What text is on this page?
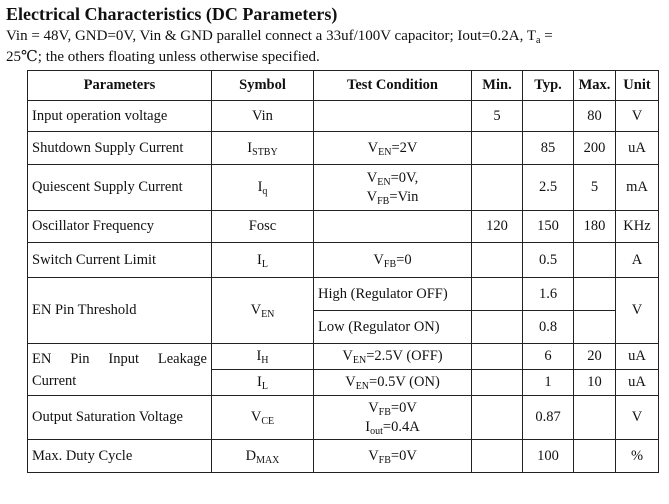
Electrical Characteristics (DC Parameters)
Vin = 48V, GND=0V, Vin & GND parallel connect a 33uf/100V capacitor; Iout=0.2A, $T_a$ =
25℃; the others floating unless otherwise specified.
Parameters	Symbol	Test Condition	Min.	Typ.	Max.	Unit
Input operation voltage	Vin		5		80	V
Shutdown Supply Current	$I_{STBY}$	$V_{EN}=2V$		85	200	uA
Quiescent Supply Current	$I_q$	$V_{EN}=0V$,
$V_{FB}=Vin$		2.5	5	mA
Oscillator Frequency	Fosc		120	150	180	KHz
Switch Current Limit	$I_L$	$V_{FB}=0$		0.5		A
EN Pin Threshold	$V_{EN}$	High (Regulator OFF)		1.6		V
		Low (Regulator ON)		0.8		
EN Pin Input Leakage Current	$I_H$	$V_{EN}=2.5V$ (OFF)		6	20	uA
	$I_L$	$V_{EN}=0.5V$ (ON)		1	10	uA
Output Saturation Voltage	$V_{CE}$	$V_{FB}=0V$
$I_{out}=0.4A$		0.87		V
Max. Duty Cycle	$D_{MAX}$	$V_{FB}=0V$		100		%
